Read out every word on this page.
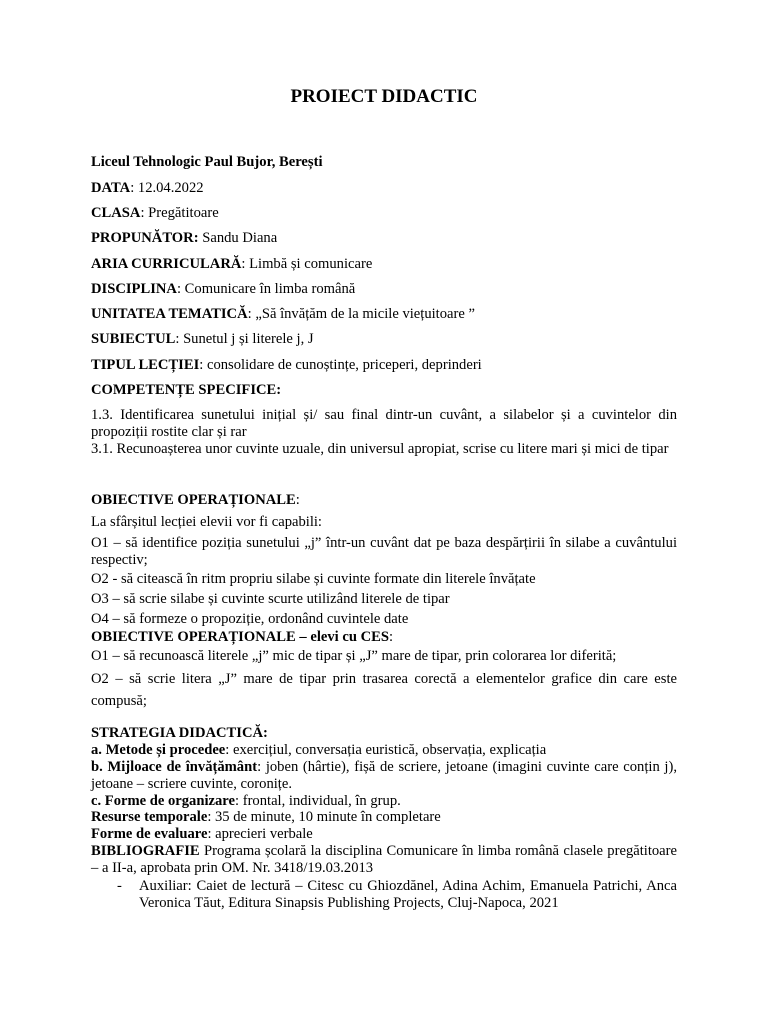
PROIECT DIDACTIC
Liceul Tehnologic Paul Bujor, Berești
DATA: 12.04.2022
CLASA: Pregătitoare
PROPUNĂTOR: Sandu Diana
ARIA CURRICULARĂ: Limbă și comunicare
DISCIPLINA: Comunicare în limba română
UNITATEA TEMATICĂ: „Să învățăm de la micile viețuitoare ”
SUBIECTUL: Sunetul j și literele j, J
TIPUL LECȚIEI: consolidare de cunoștințe, priceperi, deprinderi
COMPETENȚE SPECIFICE:
1.3. Identificarea sunetului inițial și/ sau final dintr-un cuvânt, a silabelor și a cuvintelor din propoziții rostite clar și rar
3.1. Recunoașterea unor cuvinte uzuale, din universul apropiat, scrise cu litere mari și mici de tipar
OBIECTIVE OPERAȚIONALE:
La sfârșitul lecției elevii vor fi capabili:
O1 – să identifice poziția sunetului „j” într-un cuvânt dat pe baza despărțirii în silabe a cuvântului respectiv;
O2 - să citească în ritm propriu silabe și cuvinte formate din literele învățate
O3 – să scrie silabe și cuvinte scurte utilizând literele de tipar
O4 – să formeze o propoziție, ordonând cuvintele date
OBIECTIVE OPERAȚIONALE – elevi cu CES:
O1 – să recunoască literele „j” mic de tipar și „J” mare de tipar, prin colorarea lor diferită;
O2 – să scrie litera „J” mare de tipar prin trasarea corectă a elementelor grafice din care este compusă;
STRATEGIA DIDACTICĂ:
a. Metode și procedee: exercițiul, conversația euristică, observația, explicația
b. Mijloace de învățământ: joben (hârtie), fișă de scriere, jetoane (imagini cuvinte care conțin j), jetoane – scriere cuvinte, coronițe.
c. Forme de organizare: frontal, individual, în grup.
Resurse temporale: 35 de minute, 10 minute în completare
Forme de evaluare: aprecieri verbale
BIBLIOGRAFIE Programa școlară la disciplina Comunicare în limba română clasele pregătitoare – a II-a, aprobata prin OM. Nr. 3418/19.03.2013
- Auxiliar: Caiet de lectură – Citesc cu Ghiozdănel, Adina Achim, Emanuela Patrichi, Anca Veronica Tăut, Editura Sinapsis Publishing Projects, Cluj-Napoca, 2021
